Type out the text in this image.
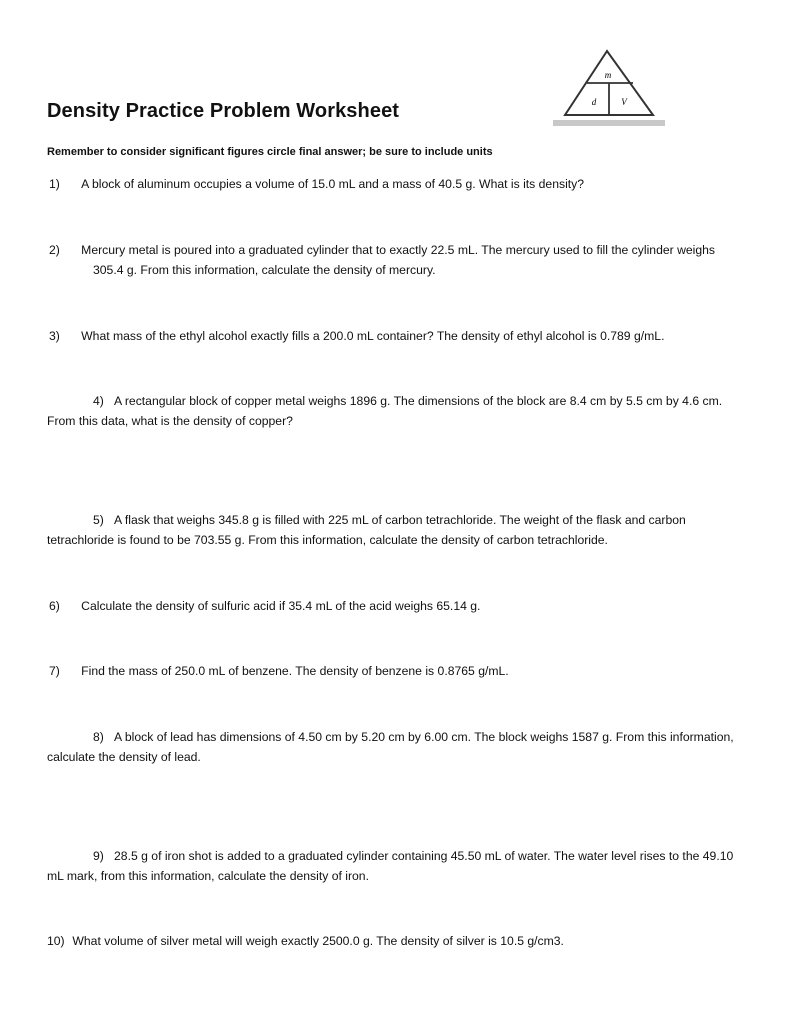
m
d	V
Density Practice Problem Worksheet
Remember to consider significant figures circle final answer; be sure to include units
1) A block of aluminum occupies a volume of 15.0 mL and a mass of 40.5 g. What is its density?
2) Mercury metal is poured into a graduated cylinder that to exactly 22.5 mL. The mercury used to fill the cylinder weighs 305.4 g. From this information, calculate the density of mercury.
3) What mass of the ethyl alcohol exactly fills a 200.0 mL container? The density of ethyl alcohol is 0.789 g/mL.
4) A rectangular block of copper metal weighs 1896 g. The dimensions of the block are 8.4 cm by 5.5 cm by 4.6 cm. From this data, what is the density of copper?
5) A flask that weighs 345.8 g is filled with 225 mL of carbon tetrachloride. The weight of the flask and carbon tetrachloride is found to be 703.55 g. From this information, calculate the density of carbon tetrachloride.
6) Calculate the density of sulfuric acid if 35.4 mL of the acid weighs 65.14 g.
7) Find the mass of 250.0 mL of benzene. The density of benzene is 0.8765 g/mL.
8) A block of lead has dimensions of 4.50 cm by 5.20 cm by 6.00 cm. The block weighs 1587 g. From this information, calculate the density of lead.
9) 28.5 g of iron shot is added to a graduated cylinder containing 45.50 mL of water. The water level rises to the 49.10 mL mark, from this information, calculate the density of iron.
10) What volume of silver metal will weigh exactly 2500.0 g. The density of silver is 10.5 g/cm3.
